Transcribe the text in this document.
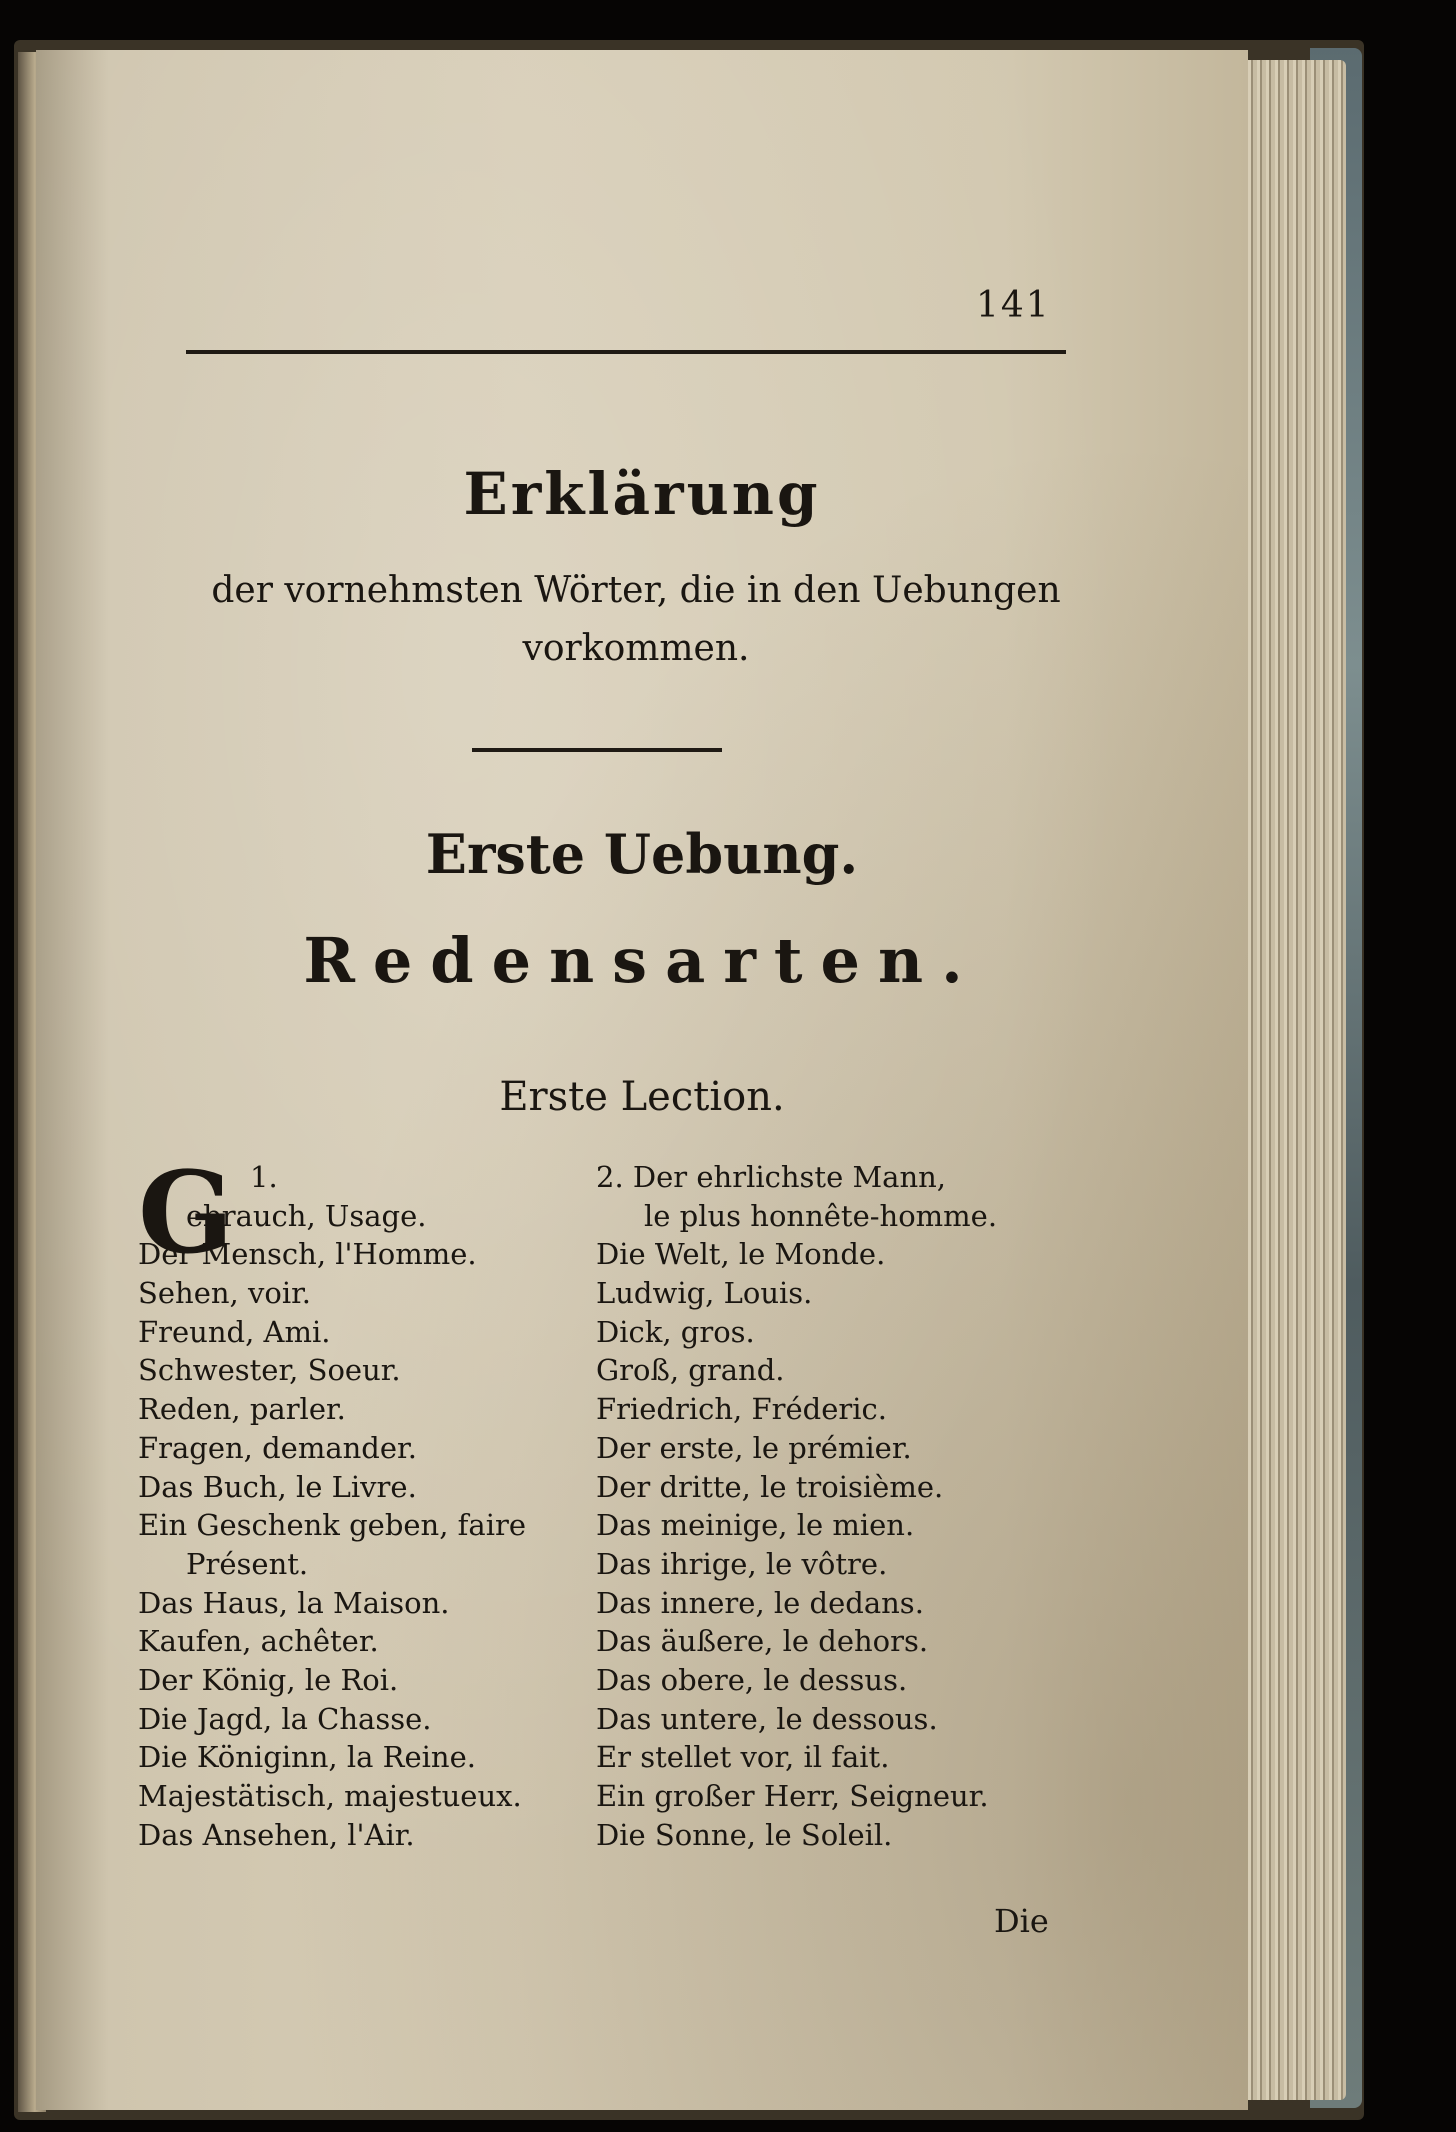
141
Erklärung
der vornehmsten Wörter, die in den Uebungen
vorkommen.
Erste Uebung.
Redensarten.
Erste Lection.
G 1.
ebrauch, Usage.
Der Mensch, l'Homme.
Sehen, voir.
Freund, Ami.
Schwester, Soeur.
Reden, parler.
Fragen, demander.
Das Buch, le Livre.
Ein Geschenk geben, faire
Présent.
Das Haus, la Maison.
Kaufen, achêter.
Der König, le Roi.
Die Jagd, la Chasse.
Die Königinn, la Reine.
Majestätisch, majestueux.
Das Ansehen, l'Air.
2. Der ehrlichste Mann,
le plus honnête-homme.
Die Welt, le Monde.
Ludwig, Louis.
Dick, gros.
Groß, grand.
Friedrich, Fréderic.
Der erste, le prémier.
Der dritte, le troisième.
Das meinige, le mien.
Das ihrige, le vôtre.
Das innere, le dedans.
Das äußere, le dehors.
Das obere, le dessus.
Das untere, le dessous.
Er stellet vor, il fait.
Ein großer Herr, Seigneur.
Die Sonne, le Soleil.
Die
